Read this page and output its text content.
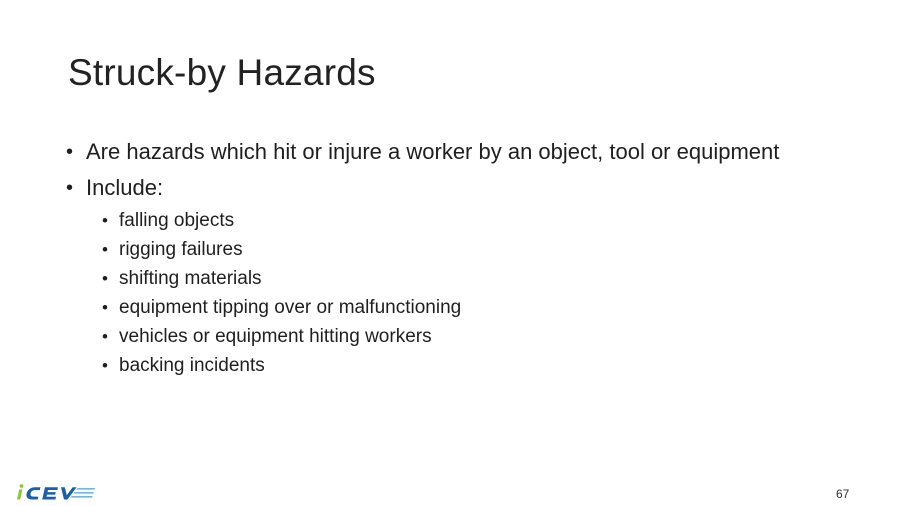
Struck-by Hazards
• Are hazards which hit or injure a worker by an object, tool or equipment
• Include:
• falling objects
• rigging failures
• shifting materials
• equipment tipping over or malfunctioning
• vehicles or equipment hitting workers
• backing incidents
67
